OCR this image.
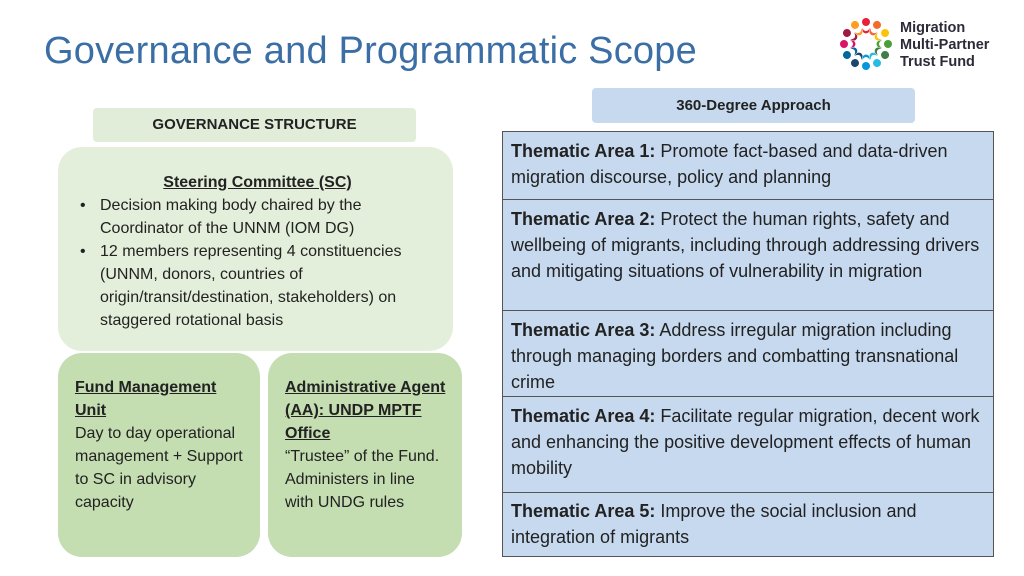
Governance and Programmatic Scope
Migration
Multi-Partner
Trust Fund
360-Degree Approach
GOVERNANCE STRUCTURE
Steering Committee (SC)
• Decision making body chaired by the Coordinator of the UNNM (IOM DG)
• 12 members representing 4 constituencies (UNNM, donors, countries of origin/transit/destination, stakeholders) on staggered rotational basis
Fund Management Unit
Day to day operational management + Support to SC in advisory capacity
Administrative Agent (AA): UNDP MPTF Office
“Trustee” of the Fund. Administers in line with UNDG rules
Thematic Area 1: Promote fact-based and data-driven migration discourse, policy and planning
Thematic Area 2: Protect the human rights, safety and wellbeing of migrants, including through addressing drivers and mitigating situations of vulnerability in migration
Thematic Area 3: Address irregular migration including through managing borders and combatting transnational crime
Thematic Area 4: Facilitate regular migration, decent work and enhancing the positive development effects of human mobility
Thematic Area 5: Improve the social inclusion and integration of migrants
